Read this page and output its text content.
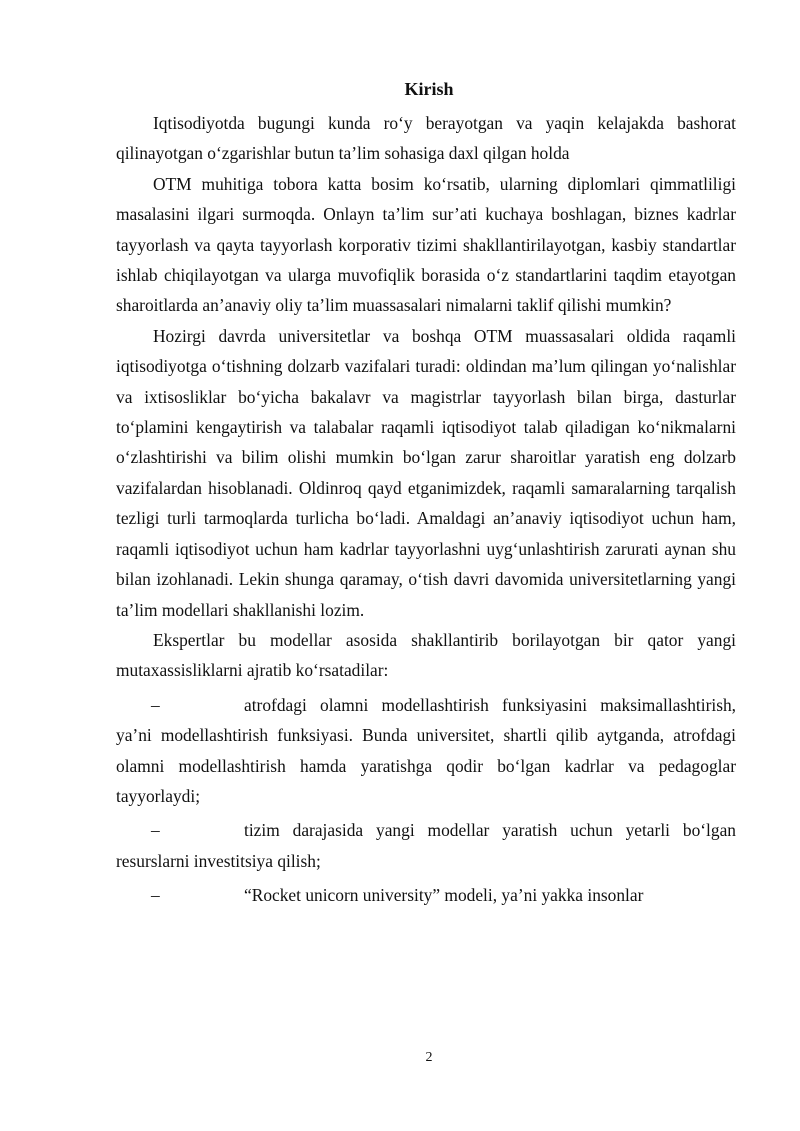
Kirish

Iqtisodiyotda bugungi kunda ro‘y berayotgan va yaqin kelajakda bashorat qilinayotgan o‘zgarishlar butun ta’lim sohasiga daxl qilgan holda

OTM muhitiga tobora katta bosim ko‘rsatib, ularning diplomlari qimmatliligi masalasini ilgari surmoqda. Onlayn ta’lim sur’ati kuchaya boshlagan, biznes kadrlar tayyorlash va qayta tayyorlash korporativ tizimi shakllantirilayotgan, kasbiy standartlar ishlab chiqilayotgan va ularga muvofiqlik borasida o‘z standartlarini taqdim etayotgan sharoitlarda an’anaviy oliy ta’lim muassasalari nimalarni taklif qilishi mumkin?

Hozirgi davrda universitetlar va boshqa OTM muassasalari oldida raqamli iqtisodiyotga o‘tishning dolzarb vazifalari turadi: oldindan ma’lum qilingan yo‘nalishlar va ixtisosliklar bo‘yicha bakalavr va magistrlar tayyorlash bilan birga, dasturlar to‘plamini kengaytirish va talabalar raqamli iqtisodiyot talab qiladigan ko‘nikmalarni o‘zlashtirishi va bilim olishi mumkin bo‘lgan zarur sharoitlar yaratish eng dolzarb vazifalardan hisoblanadi. Oldinroq qayd etganimizdek, raqamli samaralarning tarqalish tezligi turli tarmoqlarda turlicha bo‘ladi. Amaldagi an’anaviy iqtisodiyot uchun ham, raqamli iqtisodiyot uchun ham kadrlar tayyorlashni uyg‘unlashtirish zarurati aynan shu bilan izohlanadi. Lekin shunga qaramay, o‘tish davri davomida universitetlarning yangi ta’lim modellari shakllanishi lozim.

Ekspertlar bu modellar asosida shakllantirib borilayotgan bir qator yangi mutaxassisliklarni ajratib ko‘rsatadilar:

–	atrofdagi olamni modellashtirish funksiyasini maksimallashtirish, ya’ni modellashtirish funksiyasi. Bunda universitet, shartli qilib aytganda, atrofdagi olamni modellashtirish hamda yaratishga qodir bo‘lgan kadrlar va pedagoglar tayyorlaydi;

–	tizim darajasida yangi modellar yaratish uchun yetarli bo‘lgan resurslarni investitsiya qilish;

–	“Rocket unicorn university” modeli, ya’ni yakka insonlar

2
